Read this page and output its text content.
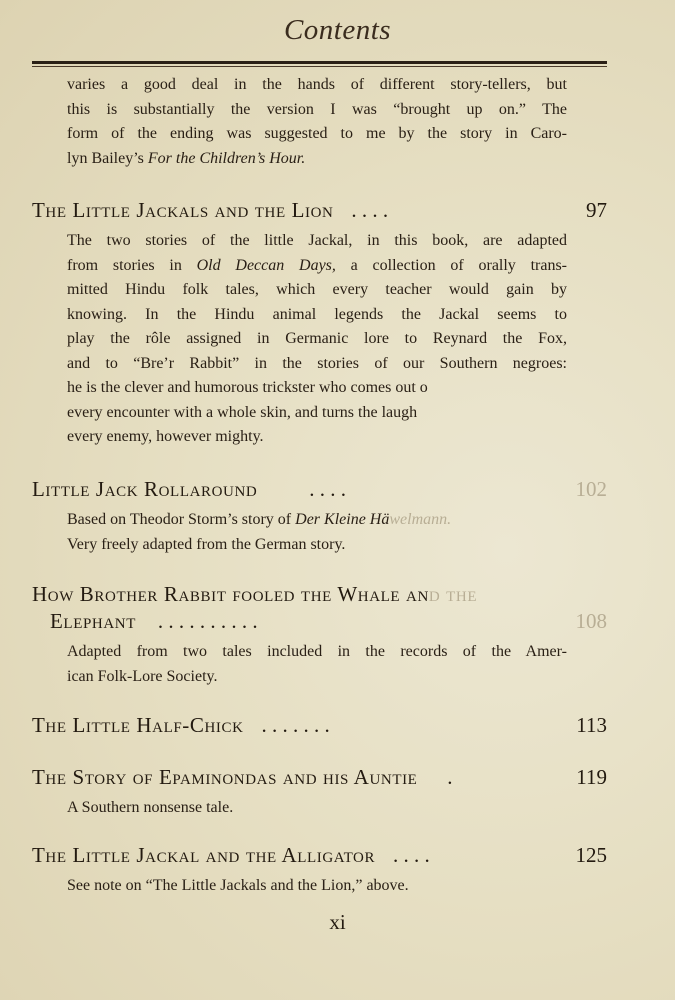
Contents
varies a good deal in the hands of different story-tellers, but
this is substantially the version I was “brought up on.” The
form of the ending was suggested to me by the story in Caro-
lyn Bailey’s For the Children’s Hour.
The Little Jackals and the Lion . . . .	97
The two stories of the little Jackal, in this book, are adapted
from stories in Old Deccan Days, a collection of orally trans-
mitted Hindu folk tales, which every teacher would gain by
knowing. In the Hindu animal legends the Jackal seems to
play the rôle assigned in Germanic lore to Reynard the Fox,
and to “Bre’r Rabbit” in the stories of our Southern negroes:
he is the clever and humorous trickster who comes out o
every encounter with a whole skin, and turns the laugh
every enemy, however mighty.
Little Jack Rollaround . . . .	102
Based on Theodor Storm’s story of Der Kleine Häwelmann.
Very freely adapted from the German story.
How Brother Rabbit fooled the Whale and the
Elephant . . . . . . . . . .	108
Adapted from two tales included in the records of the Amer-
ican Folk-Lore Society.
The Little Half-Chick . . . . . . .	113
The Story of Epaminondas and his Auntie .	119
A Southern nonsense tale.
The Little Jackal and the Alligator . . . .	125
See note on “The Little Jackals and the Lion,” above.
xi
